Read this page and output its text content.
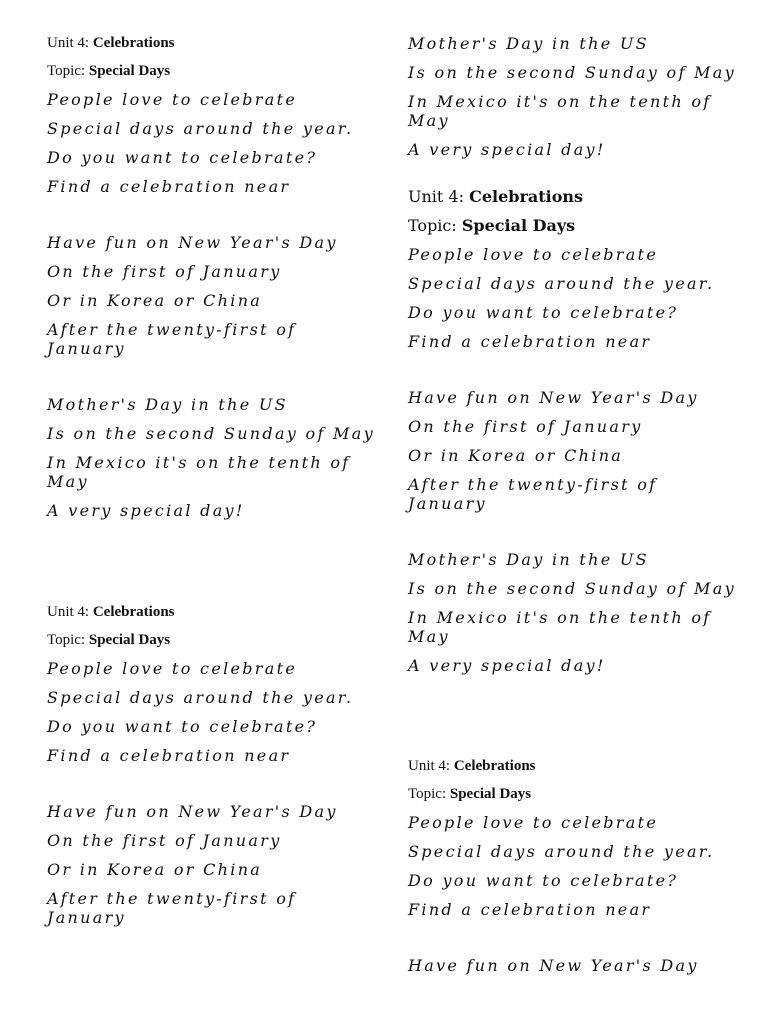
Unit 4: Celebrations
Topic: Special Days
People love to celebrate
Special days around the year.
Do you want to celebrate?
Find a celebration near
Have fun on New Year's Day
On the first of January
Or in Korea or China
After the twenty-first of January
Mother's Day in the US
Is on the second Sunday of May
In Mexico it's on the tenth of May
A very special day!
Unit 4: Celebrations
Topic: Special Days
People love to celebrate
Special days around the year.
Do you want to celebrate?
Find a celebration near
Have fun on New Year's Day
On the first of January
Or in Korea or China
After the twenty-first of January
Mother's Day in the US
Is on the second Sunday of May
In Mexico it's on the tenth of May
A very special day!
Unit 4: Celebrations
Topic: Special Days
People love to celebrate
Special days around the year.
Do you want to celebrate?
Find a celebration near
Have fun on New Year's Day
On the first of January
Or in Korea or China
After the twenty-first of January
Mother's Day in the US
Is on the second Sunday of May
In Mexico it's on the tenth of May
A very special day!
Unit 4: Celebrations
Topic: Special Days
People love to celebrate
Special days around the year.
Do you want to celebrate?
Find a celebration near
Have fun on New Year's Day
